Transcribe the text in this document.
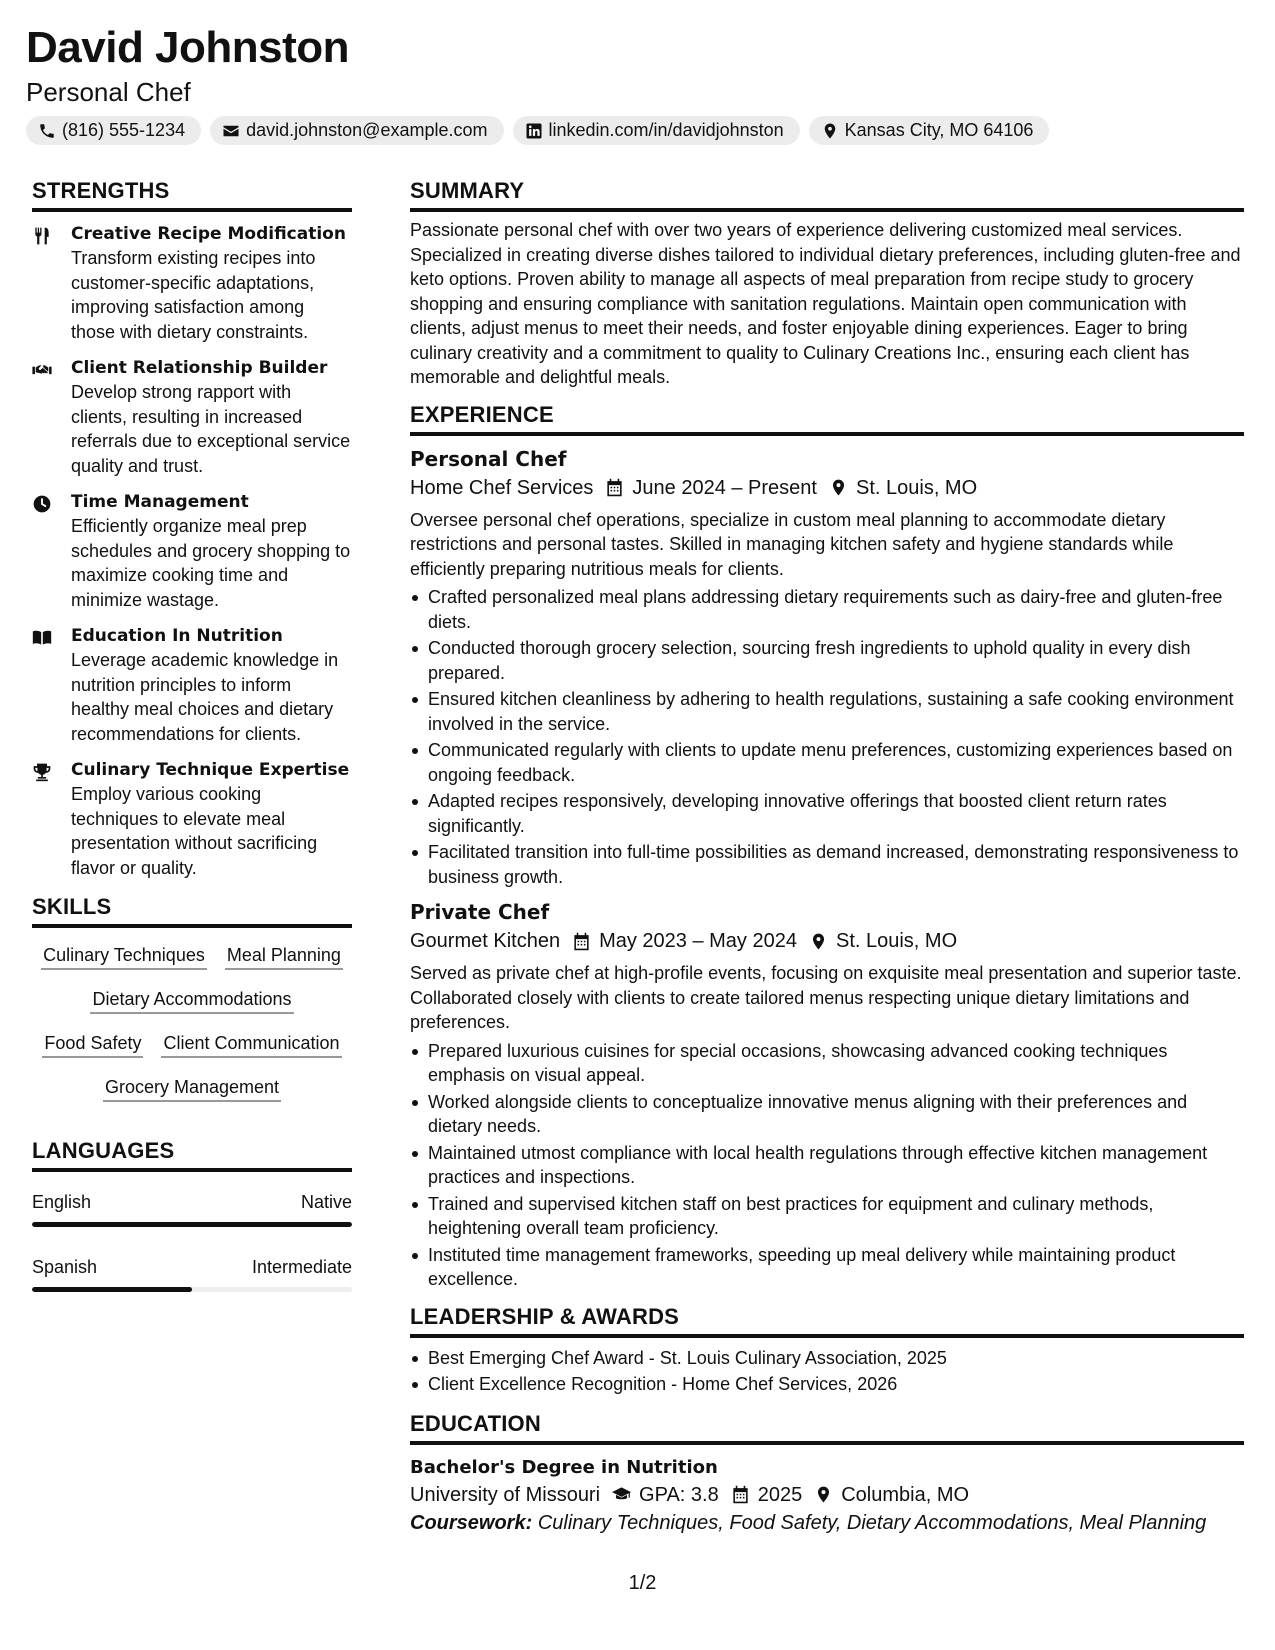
David Johnston
Personal Chef
(816) 555-1234	david.johnston@example.com	linkedin.com/in/davidjohnston	Kansas City, MO 64106
STRENGTHS
Creative Recipe Modification
Transform existing recipes into customer-specific adaptations, improving satisfaction among those with dietary constraints.
Client Relationship Builder
Develop strong rapport with clients, resulting in increased referrals due to exceptional service quality and trust.
Time Management
Efficiently organize meal prep schedules and grocery shopping to maximize cooking time and minimize wastage.
Education In Nutrition
Leverage academic knowledge in nutrition principles to inform healthy meal choices and dietary recommendations for clients.
Culinary Technique Expertise
Employ various cooking techniques to elevate meal presentation without sacrificing flavor or quality.
SKILLS
Culinary Techniques Meal Planning
Dietary Accommodations
Food Safety Client Communication
Grocery Management
LANGUAGES
English	Native
Spanish	Intermediate
SUMMARY
Passionate personal chef with over two years of experience delivering customized meal services. Specialized in creating diverse dishes tailored to individual dietary preferences, including gluten-free and keto options. Proven ability to manage all aspects of meal preparation from recipe study to grocery shopping and ensuring compliance with sanitation regulations. Maintain open communication with clients, adjust menus to meet their needs, and foster enjoyable dining experiences. Eager to bring culinary creativity and a commitment to quality to Culinary Creations Inc., ensuring each client has memorable and delightful meals.
EXPERIENCE
Personal Chef
Home Chef Services June 2024 – Present St. Louis, MO
Oversee personal chef operations, specialize in custom meal planning to accommodate dietary restrictions and personal tastes. Skilled in managing kitchen safety and hygiene standards while efficiently preparing nutritious meals for clients.
Crafted personalized meal plans addressing dietary requirements such as dairy-free and gluten-free diets.
Conducted thorough grocery selection, sourcing fresh ingredients to uphold quality in every dish prepared.
Ensured kitchen cleanliness by adhering to health regulations, sustaining a safe cooking environment involved in the service.
Communicated regularly with clients to update menu preferences, customizing experiences based on ongoing feedback.
Adapted recipes responsively, developing innovative offerings that boosted client return rates significantly.
Facilitated transition into full-time possibilities as demand increased, demonstrating responsiveness to business growth.
Private Chef
Gourmet Kitchen May 2023 – May 2024 St. Louis, MO
Served as private chef at high-profile events, focusing on exquisite meal presentation and superior taste. Collaborated closely with clients to create tailored menus respecting unique dietary limitations and preferences.
Prepared luxurious cuisines for special occasions, showcasing advanced cooking techniques emphasis on visual appeal.
Worked alongside clients to conceptualize innovative menus aligning with their preferences and dietary needs.
Maintained utmost compliance with local health regulations through effective kitchen management practices and inspections.
Trained and supervised kitchen staff on best practices for equipment and culinary methods, heightening overall team proficiency.
Instituted time management frameworks, speeding up meal delivery while maintaining product excellence.
LEADERSHIP & AWARDS
Best Emerging Chef Award - St. Louis Culinary Association, 2025
Client Excellence Recognition - Home Chef Services, 2026
EDUCATION
Bachelor's Degree in Nutrition
University of Missouri GPA: 3.8 2025 Columbia, MO
Coursework: Culinary Techniques, Food Safety, Dietary Accommodations, Meal Planning
1/2
